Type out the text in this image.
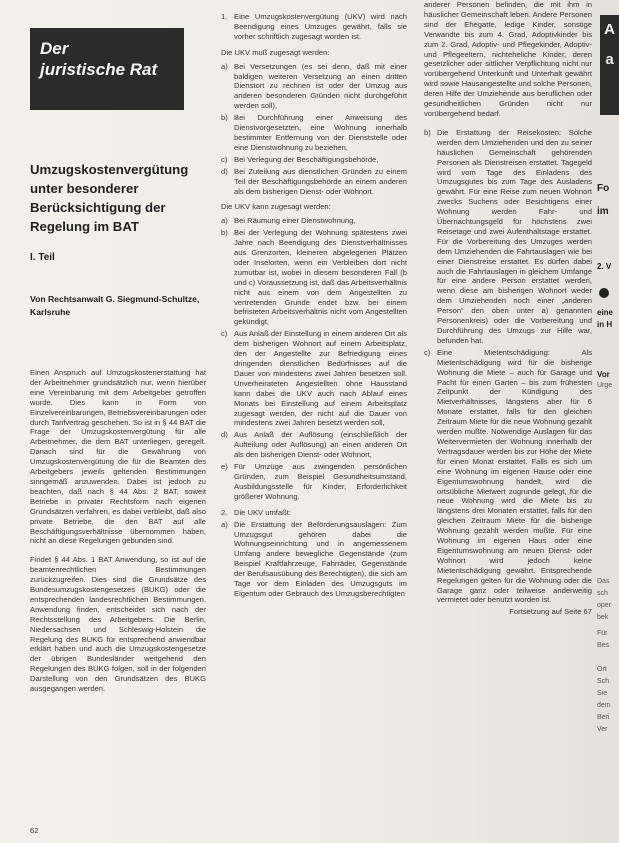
Der
juristische Rat
Umzugskostenvergütung unter besonderer Berücksichtigung der Regelung im BAT
I. Teil
Von Rechtsanwalt G. Siegmund-Schultze, Karlsruhe

Einen Anspruch auf Umzugskostenerstattung hat der Arbeitnehmer grundsätzlich nur, wenn hierüber eine Vereinbarung mit dem Arbeitgeber getroffen wurde. Dies kann in Form von Einzelvereinbarungen, Betriebsvereinbarungen oder durch Tarifvertrag geschehen. So ist in § 44 BAT die Frage der Umzugskostenvergütung für alle Arbeitnehmer, die dem BAT unterliegen, geregelt. Danach sind für die Gewährung von Umzugskostenvergütung die für die Beamten des Arbeitgebers jeweils geltenden Bestimmungen sinngemäß anzuwenden. Dabei ist jedoch zu beachten, daß nach § 44 Abs. 2 BAT, soweit Betriebe in privater Rechtsform nach eigenen Grundsätzen verfahren, es dabei verbleibt, daß also private Betriebe, die den BAT auf alle Beschäftigungsverhältnisse übernommen haben, nicht an diese Regelungen gebunden sind.

Findet § 44 Abs. 1 BAT Anwendung, so ist auf die beamtenrechtlichen Bestimmungen zurückzugreifen. Dies sind die Grundsätze des Bundesumzugskostengesetzes (BUKG) oder die entsprechenden landesrechtlichen Bestimmungen. Anwendung finden, entscheidet sich nach der Rechtsstellung des Arbeitgebers. Die Berlin, Niedersachsen und Schleswig-Holstein die Regelung des BUKG für entsprechend anwendbar erklärt haben und auch die Umzugskostengesetze der übrigen Bundesländer weitgehend den Regelungen des BUKG folgen, soll in der folgenden Darstellung von den Grundsätzen des BUKG ausgegangen werden.

1. Eine Umzugskostenvergütung (UKV) wird nach Beendigung eines Umzuges gewährt, falls sie vorher schriftlich zugesagt worden ist.
Die UKV muß zugesagt werden:
a) Bei Versetzungen (es sei denn, daß mit einer baldigen weiteren Versetzung an einen dritten Dienstort zu rechnen ist oder der Umzug aus anderen besonderen Gründen nicht durchgeführt werden soll),
b) Bei Durchführung einer Anweisung des Dienstvorgesetzten, eine Wohnung innerhalb bestimmter Entfernung von der Dienststelle oder eine Dienstwohnung zu beziehen,
c) Bei Verlegung der Beschäftigungsbehörde,
d) Bei Zuteilung aus dienstlichen Gründen zu einem Teil der Beschäftigungsbehörde an einem anderen als dem bisherigen Dienst- oder Wohnort.
Die UKV kann zugesagt werden:
a) Bei Räumung einer Dienstwohnung,
b) Bei der Verlegung der Wohnung spätestens zwei Jahre nach Beendigung des Dienstverhältnisses aus Grenzorten, kleineren abgelegenen Plätzen oder Inselorten, wenn ein Verbleiben dort nicht zumutbar ist, wobei in diesem besonderen Fall (b und c) Voraussetzung ist, daß das Arbeitsverhältnis nicht aus einem von dem Angestellten zu vertretenden Grunde endet bzw. bei einem befristeten Arbeitsverhältnis nicht vom Angestellten gekündigt,
c) Aus Anlaß der Einstellung in einem anderen Ort als dem bisherigen Wohnort auf einem Arbeitsplatz, den der Angestellte zur Befriedigung eines dringenden dienstlichen Bedürfnisses auf die Dauer von mindestens zwei Jahren besetzen soll. Unverheirateten Angestellten ohne Hausstand kann dabei die UKV auch nach Ablauf eines Monats bei Einstellung auf einem Arbeitsplatz zugesagt werden, der nicht auf die Dauer von mindestens zwei Jahren besetzt werden soll,
d) Aus Anlaß der Auflösung (einschließlich der Aufteilung oder Auflösung) an einen anderen Ort als den bisherigen Dienst- oder Wohnort,
e) Für Umzüge aus zwingenden persönlichen Gründen, zum Beispiel Gesundheitsumstand, Ausbildungsstelle für Kinder, Erforderlichkeit größerer Wohnung.
2. Die UKV umfaßt:
a) Die Erstattung der Beförderungsauslagen: Zum Umzugsgut gehören dabei die Wohnungseinrichtung und in angemessenem Umfang andere bewegliche Gegenstände (zum Beispiel Kraftfahrzeuge, Fahrräder, Gegenstände der Berufsausübung des Berechtigten), die sich am Tage vor dem Einladen des Umzugsguts im Eigentum oder Gebrauch des Umzugsberechtigten

anderer Personen befinden, die mit ihm in häuslicher Gemeinschaft leben. Andere Personen sind der Ehegatte, ledige Kinder, sonstige Verwandte bis zum 4. Grad, Adoptivkinder bis zum 2. Grad, Adoptiv- und Pflegekinder, Adoptiv- und Pflegeeltern, nichteheliche Kinder, deren gesetzlicher oder sittlicher Verpflichtung nicht nur vorübergehend Unterkunft und Unterhalt gewährt wird sowie Hausangestellte und solche Personen, deren Hilfe der Umziehende aus beruflichen oder gesundheitlichen Gründen nicht nur vorübergehend bedarf.

b) Die Erstattung der Reisekosten: Solche werden dem Umziehenden und den zu seiner häuslichen Gemeinschaft gehörenden Personen als Dienstreisen erstattet. Tagegeld wird vom Tage des Einladens des Umzugsgutes bis zum Tage des Ausladens gewährt. Für eine Reise zum neuen Wohnort zwecks Suchens oder Besichtigens einer Wohnung werden Fahr- und Übernachtungsgeld für höchstens zwei Reisetage und zwei Aufenthaltstage erstattet. Für die Vorbereitung des Umzuges werden dem Umziehenden die Fahrtauslagen wie bei einer Dienstreise erstattet. Es dürfen dabei auch die Fahrtauslagen in gleichem Umfange für eine andere Person erstattet werden, wenn diese am bisherigen Wohnort weder dem Umziehenden noch einer „anderen Person“ den oben unter a) genannten Personenkreis) oder die Vorbereitung und Durchführung des Umzugs zur Hilfe war, befunden hat.
c) Eine Mietentschädigung: Als Mietentschädigung wird für die bisherige Wohnung die Miete – auch für Garage und Pacht für einen Garten – bis zum frühesten Zeitpunkt der Kündigung des Mietverhältnisses, längstens aber für 6 Monate erstattet, falls für den gleichen Zeitraum Miete für die neue Wohnung gezahlt werden mußte. Notwendige Auslagen für das Weitervermieten der Wohnung innerhalb der Vertragsdauer werden bis zur Höhe der Miete für einen Monat erstattet. Falls es sich um eine Wohnung im eigenen Hause oder eine Eigentumswohnung handelt, wird die ortsübliche Mietwert zugrunde gelegt, für die neue Wohnung wird die Miete bis zu längstens drei Monaten erstattet, falls für den gleichen Zeitraum Miete für die bisherige Wohnung gezahlt werden mußte. Für eine Wohnung im eigenen Haus oder eine Eigentumswohnung am neuen Dienst- oder Wohnort wird jedoch keine Mietentschädigung gewährt. Entsprechende Regelungen gelten für die Wohnung oder die Garage ganz oder teilweise anderweitig vermietet oder benutzt worden ist.
Fortsetzung auf Seite 67
62
A
a
Fo
im
2. V
eine
in H
Vor
Urge
Das
sch
oper
bek
Für
Bes
Ort
Sch
Sie
dem
Beri
Ver
